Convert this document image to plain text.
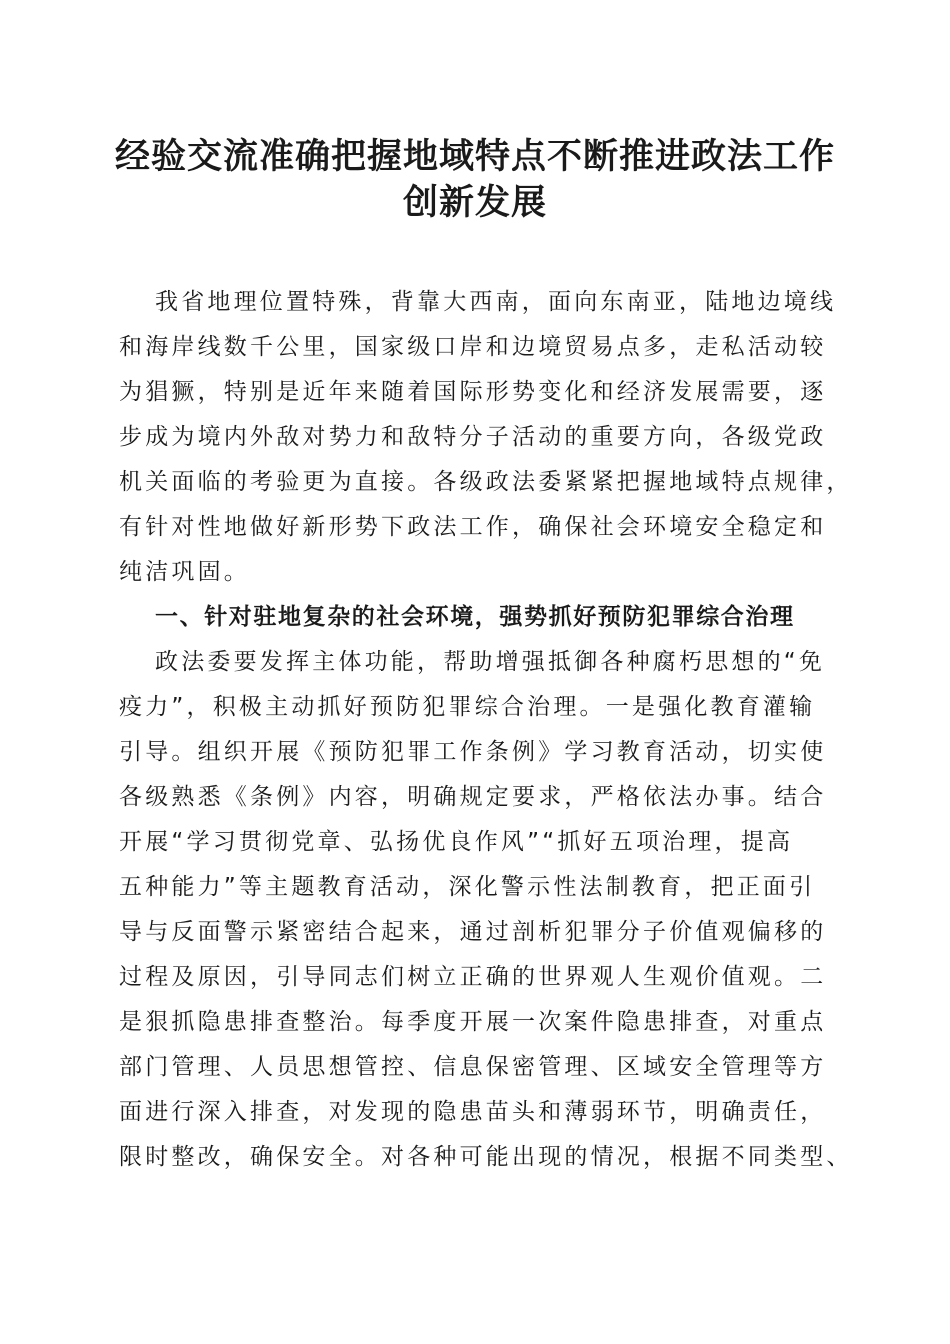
经验交流准确把握地域特点不断推进政法工作
创新发展

我省地理位置特殊，背靠大西南，面向东南亚，陆地边境线
和海岸线数千公里，国家级口岸和边境贸易点多，走私活动较
为猖獗，特别是近年来随着国际形势变化和经济发展需要，逐
步成为境内外敌对势力和敌特分子活动的重要方向，各级党政
机关面临的考验更为直接。各级政法委紧紧把握地域特点规律，
有针对性地做好新形势下政法工作，确保社会环境安全稳定和
纯洁巩固。

一、针对驻地复杂的社会环境，强势抓好预防犯罪综合治理

政法委要发挥主体功能，帮助增强抵御各种腐朽思想的“免
疫力”，积极主动抓好预防犯罪综合治理。一是强化教育灌输
引导。组织开展《预防犯罪工作条例》学习教育活动，切实使
各级熟悉《条例》内容，明确规定要求，严格依法办事。结合
开展“学习贯彻党章、弘扬优良作风”“抓好五项治理，提高
五种能力”等主题教育活动，深化警示性法制教育，把正面引
导与反面警示紧密结合起来，通过剖析犯罪分子价值观偏移的
过程及原因，引导同志们树立正确的世界观人生观价值观。二
是狠抓隐患排查整治。每季度开展一次案件隐患排查，对重点
部门管理、人员思想管控、信息保密管理、区域安全管理等方
面进行深入排查，对发现的隐患苗头和薄弱环节，明确责任，
限时整改，确保安全。对各种可能出现的情况，根据不同类型、
